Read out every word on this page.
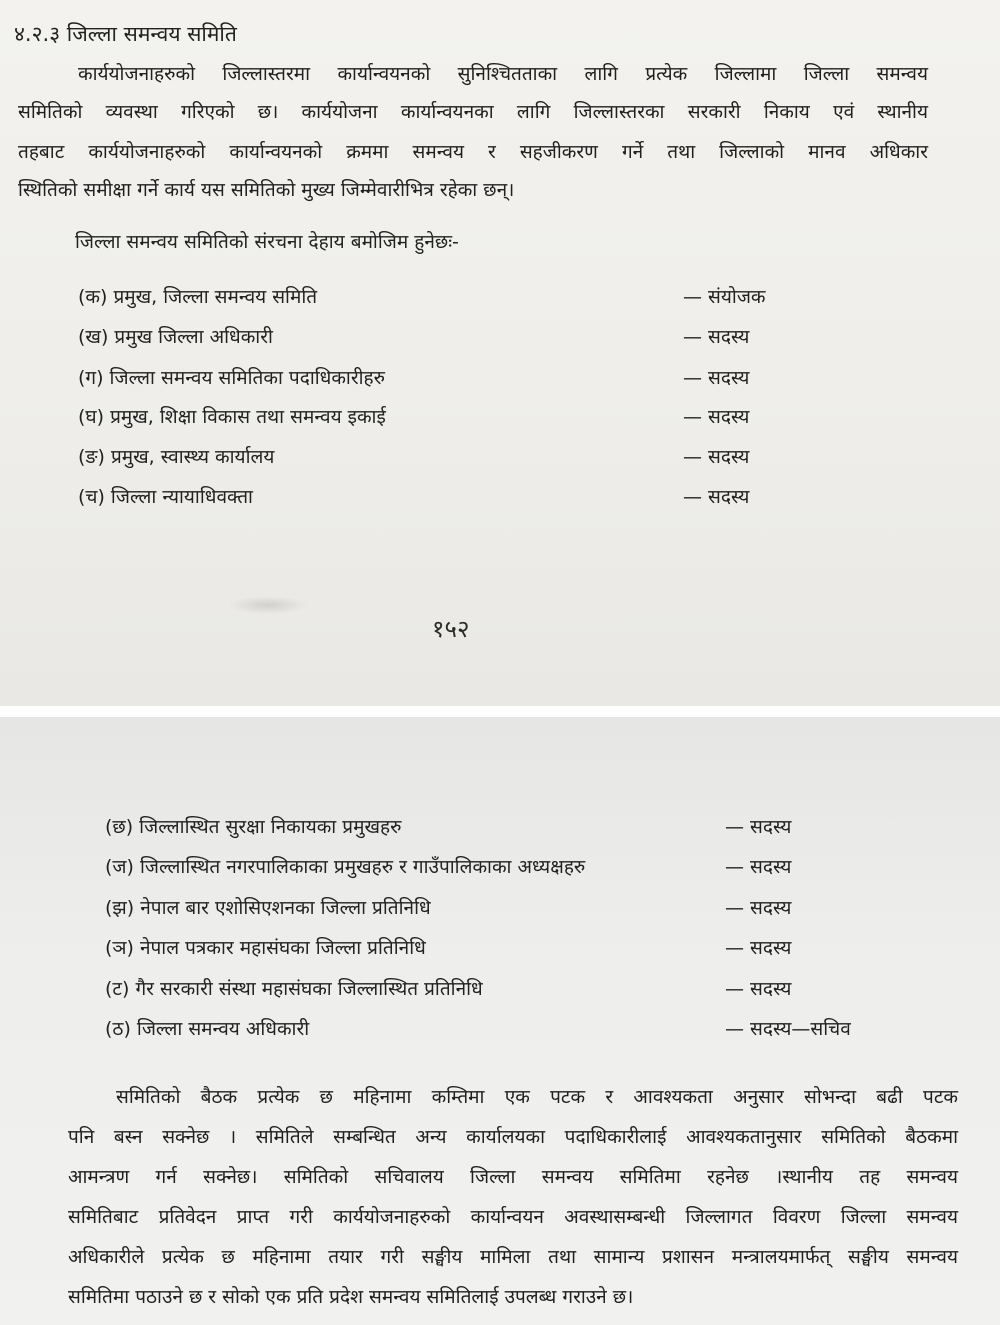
४.२.३ जिल्ला समन्वय समिति
कार्ययोजनाहरुको जिल्लास्तरमा कार्यान्वयनको सुनिश्चितताका लागि प्रत्येक जिल्लामा जिल्ला समन्वय
समितिको व्यवस्था गरिएको छ। कार्ययोजना कार्यान्वयनका लागि जिल्लास्तरका सरकारी निकाय एवं स्थानीय
तहबाट कार्ययोजनाहरुको कार्यान्वयनको क्रममा समन्वय र सहजीकरण गर्ने तथा जिल्लाको मानव अधिकार
स्थितिको समीक्षा गर्ने कार्य यस समितिको मुख्य जिम्मेवारीभित्र रहेका छन्।
जिल्ला समन्वय समितिको संरचना देहाय बमोजिम हुनेछः-
(क) प्रमुख, जिल्ला समन्वय समिति	— संयोजक
(ख) प्रमुख जिल्ला अधिकारी	— सदस्य
(ग) जिल्ला समन्वय समितिका पदाधिकारीहरु	— सदस्य
(घ) प्रमुख, शिक्षा विकास तथा समन्वय इकाई	— सदस्य
(ङ) प्रमुख, स्वास्थ्य कार्यालय	— सदस्य
(च) जिल्ला न्यायाधिवक्ता	— सदस्य
१५२
(छ) जिल्लास्थित सुरक्षा निकायका प्रमुखहरु	— सदस्य
(ज) जिल्लास्थित नगरपालिकाका प्रमुखहरु र गाउँपालिकाका अध्यक्षहरु	— सदस्य
(झ) नेपाल बार एशोसिएशनका जिल्ला प्रतिनिधि	— सदस्य
(ञ) नेपाल पत्रकार महासंघका जिल्ला प्रतिनिधि	— सदस्य
(ट) गैर सरकारी संस्था महासंघका जिल्लास्थित प्रतिनिधि	— सदस्य
(ठ) जिल्ला समन्वय अधिकारी	— सदस्य—सचिव
समितिको बैठक प्रत्येक छ महिनामा कम्तिमा एक पटक र आवश्यकता अनुसार सोभन्दा बढी पटक
पनि बस्न सक्नेछ । समितिले सम्बन्धित अन्य कार्यालयका पदाधिकारीलाई आवश्यकतानुसार समितिको बैठकमा
आमन्त्रण गर्न सक्नेछ। समितिको सचिवालय जिल्ला समन्वय समितिमा रहनेछ ।स्थानीय तह समन्वय
समितिबाट प्रतिवेदन प्राप्त गरी कार्ययोजनाहरुको कार्यान्वयन अवस्थासम्बन्धी जिल्लागत विवरण जिल्ला समन्वय
अधिकारीले प्रत्येक छ महिनामा तयार गरी सङ्घीय मामिला तथा सामान्य प्रशासन मन्त्रालयमार्फत् सङ्घीय समन्वय
समितिमा पठाउने छ र सोको एक प्रति प्रदेश समन्वय समितिलाई उपलब्ध गराउने छ।
